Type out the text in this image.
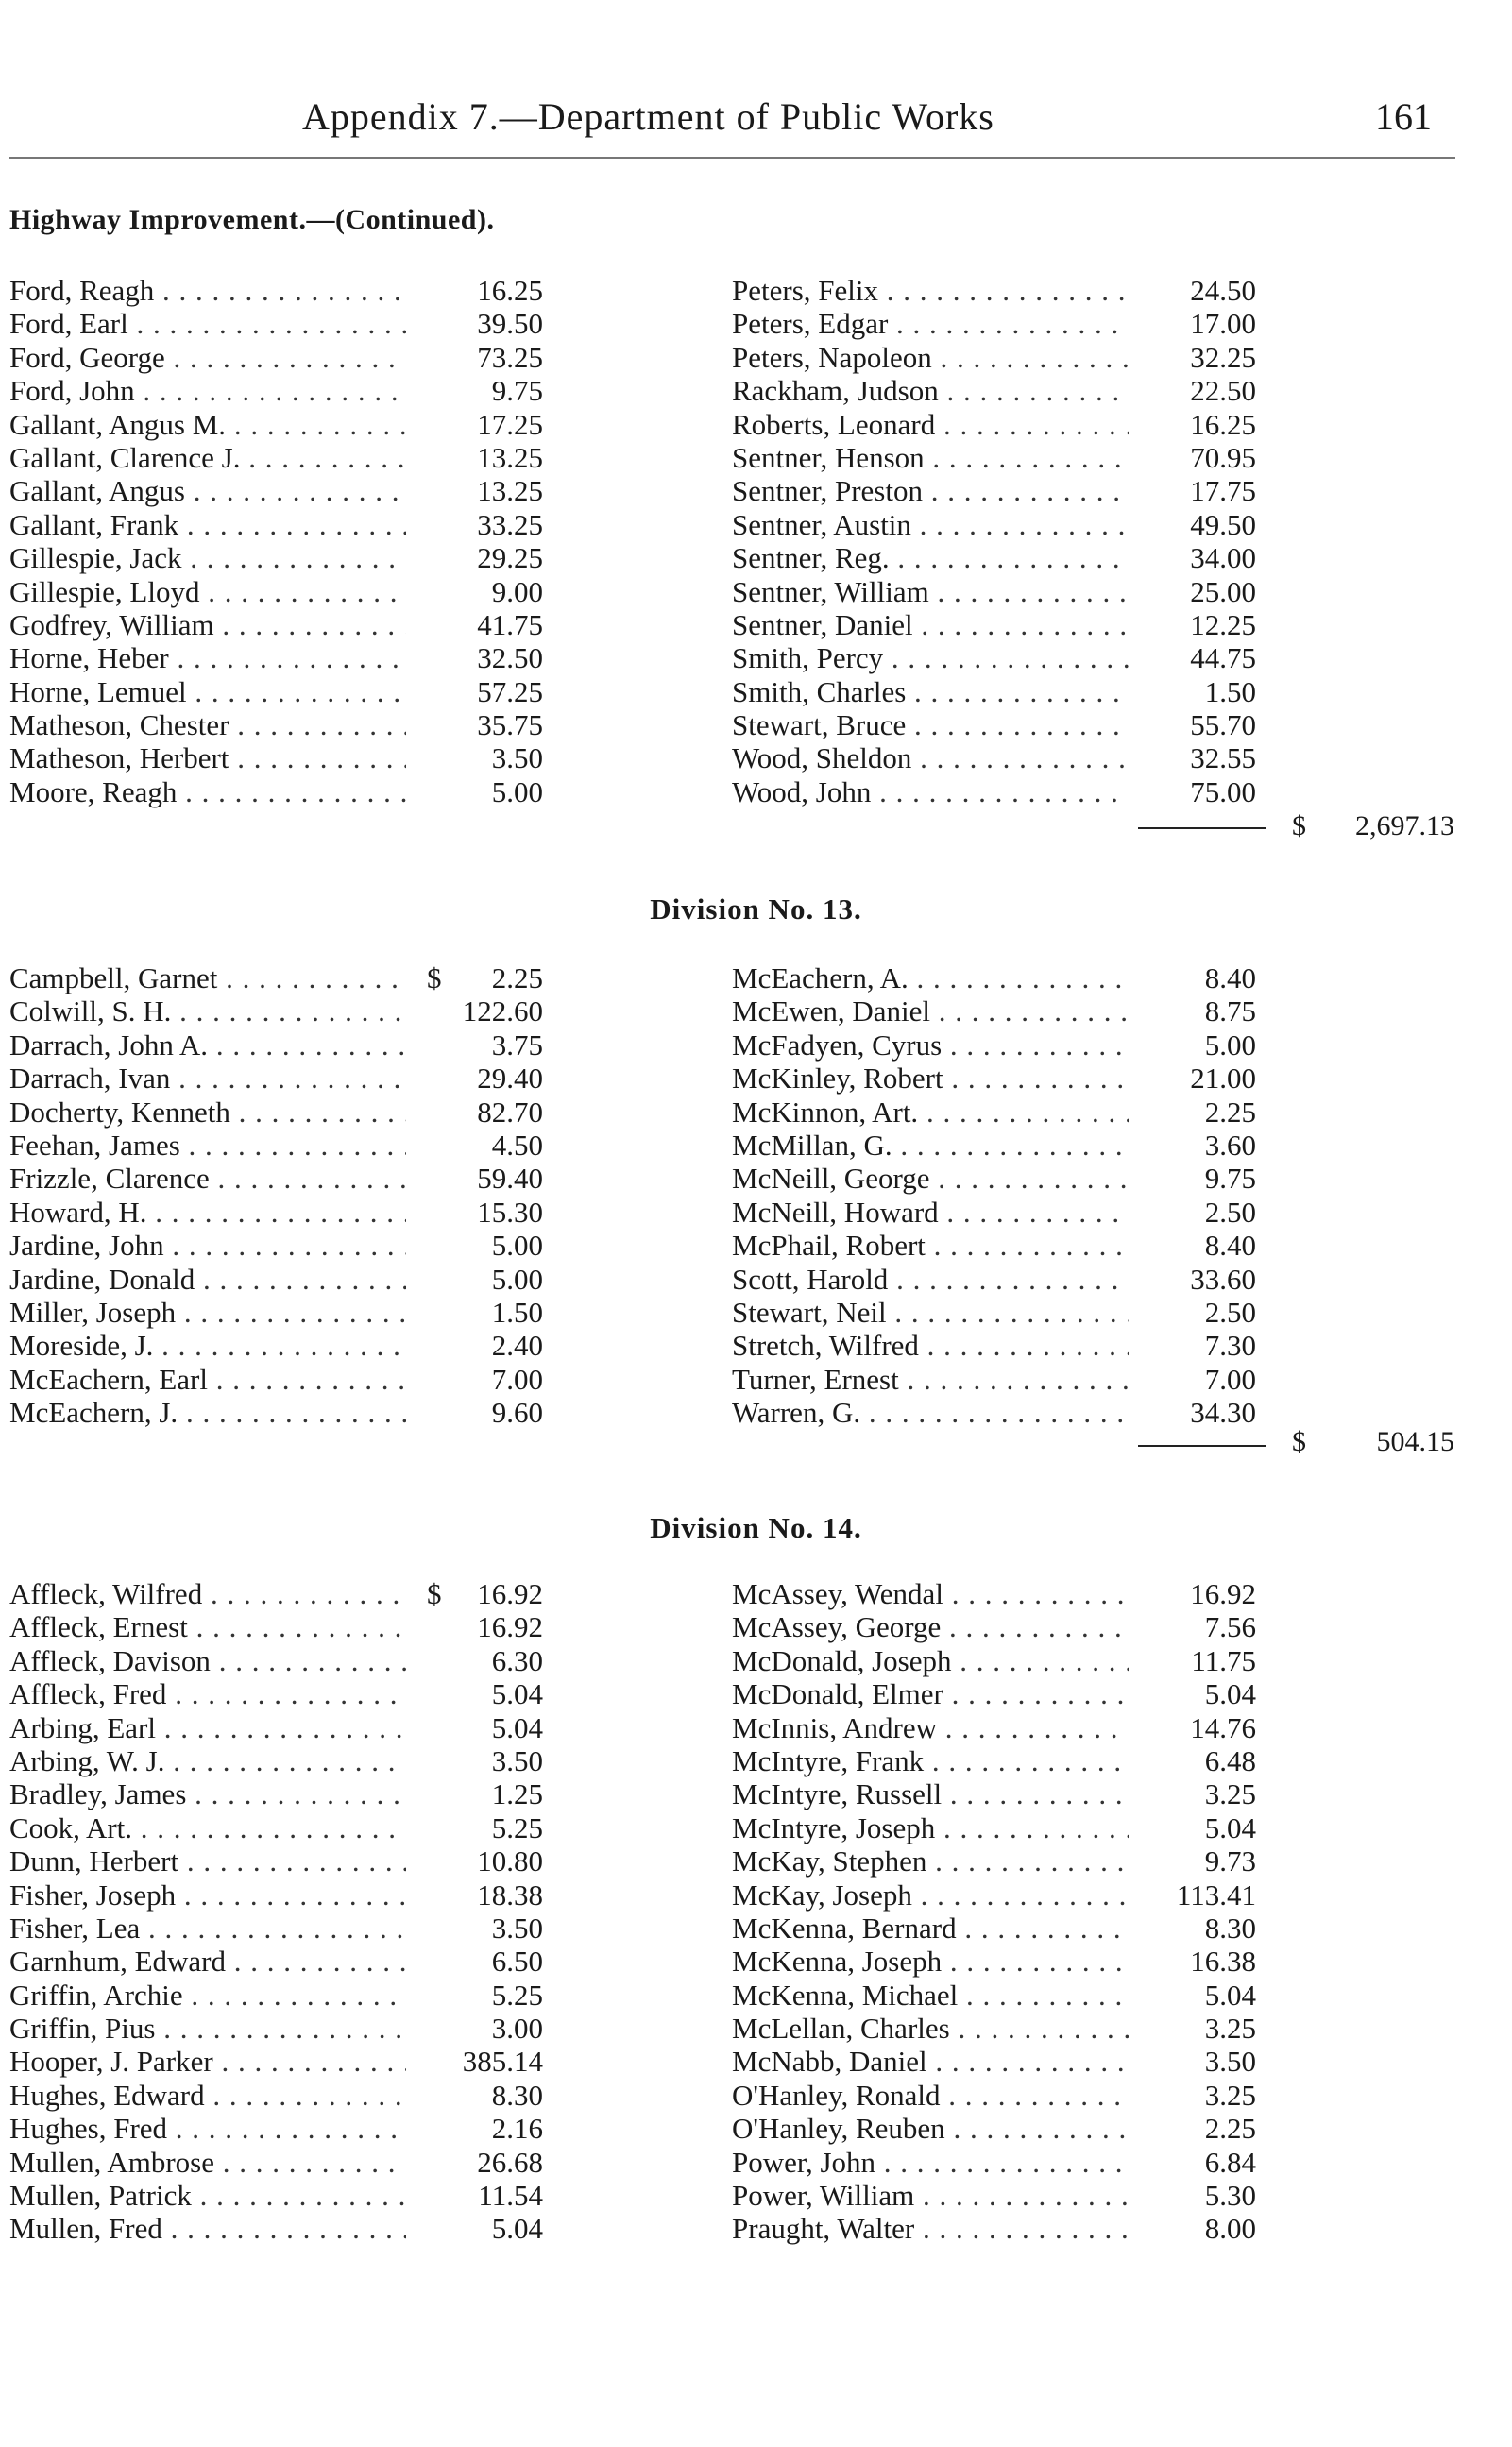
Appendix 7.—Department of Public Works	161
Highway Improvement.—(Continued).
Ford, Reagh . . .	16.25
Ford, Earl . . .	39.50
Ford, George . . .	73.25
Ford, John . . .	9.75
Gallant, Angus M. . . .	17.25
Gallant, Clarence J. . . .	13.25
Gallant, Angus . . .	13.25
Gallant, Frank . . .	33.25
Gillespie, Jack . . .	29.25
Gillespie, Lloyd . . .	9.00
Godfrey, William . . .	41.75
Horne, Heber . . .	32.50
Horne, Lemuel . . .	57.25
Matheson, Chester . . .	35.75
Matheson, Herbert . . .	3.50
Moore, Reagh . . .	5.00
Peters, Felix . . .	24.50
Peters, Edgar . . .	17.00
Peters, Napoleon . . .	32.25
Rackham, Judson . . .	22.50
Roberts, Leonard . . .	16.25
Sentner, Henson . . .	70.95
Sentner, Preston . . .	17.75
Sentner, Austin . . .	49.50
Sentner, Reg. . . .	34.00
Sentner, William . . .	25.00
Sentner, Daniel . . .	12.25
Smith, Percy . . .	44.75
Smith, Charles . . .	1.50
Stewart, Bruce . . .	55.70
Wood, Sheldon . . .	32.55
Wood, John . . .	75.00
$ 2,697.13
Division No. 13.
Campbell, Garnet . . .	$ 2.25
Colwill, S. H. . . .	122.60
Darrach, John A. . . .	3.75
Darrach, Ivan . . .	29.40
Docherty, Kenneth . . .	82.70
Feehan, James . . .	4.50
Frizzle, Clarence . . .	59.40
Howard, H. . . .	15.30
Jardine, John . . .	5.00
Jardine, Donald . . .	5.00
Miller, Joseph . . .	1.50
Moreside, J. . . .	2.40
McEachern, Earl . . .	7.00
McEachern, J. . . .	9.60
McEachern, A. . . .	8.40
McEwen, Daniel . . .	8.75
McFadyen, Cyrus . . .	5.00
McKinley, Robert . . .	21.00
McKinnon, Art. . . .	2.25
McMillan, G. . . .	3.60
McNeill, George . . .	9.75
McNeill, Howard . . .	2.50
McPhail, Robert . . .	8.40
Scott, Harold . . .	33.60
Stewart, Neil . . .	2.50
Stretch, Wilfred . . .	7.30
Turner, Ernest . . .	7.00
Warren, G. . . .	34.30
$ 504.15
Division No. 14.
Affleck, Wilfred . . .	$ 16.92
Affleck, Ernest . . .	16.92
Affleck, Davison . . .	6.30
Affleck, Fred . . .	5.04
Arbing, Earl . . .	5.04
Arbing, W. J. . . .	3.50
Bradley, James . . .	1.25
Cook, Art. . . .	5.25
Dunn, Herbert . . .	10.80
Fisher, Joseph . . .	18.38
Fisher, Lea . . .	3.50
Garnhum, Edward . . .	6.50
Griffin, Archie . . .	5.25
Griffin, Pius . . .	3.00
Hooper, J. Parker . . .	385.14
Hughes, Edward . . .	8.30
Hughes, Fred . . .	2.16
Mullen, Ambrose . . .	26.68
Mullen, Patrick . . .	11.54
Mullen, Fred . . .	5.04
McAssey, Wendal . . .	16.92
McAssey, George . . .	7.56
McDonald, Joseph . . .	11.75
McDonald, Elmer . . .	5.04
McInnis, Andrew . . .	14.76
McIntyre, Frank . . .	6.48
McIntyre, Russell . . .	3.25
McIntyre, Joseph . . .	5.04
McKay, Stephen . . .	9.73
McKay, Joseph . . .	113.41
McKenna, Bernard . . .	8.30
McKenna, Joseph . . .	16.38
McKenna, Michael . . .	5.04
McLellan, Charles . . .	3.25
McNabb, Daniel . . .	3.50
O'Hanley, Ronald . . .	3.25
O'Hanley, Reuben . . .	2.25
Power, John . . .	6.84
Power, William . . .	5.30
Praught, Walter . . .	8.00
